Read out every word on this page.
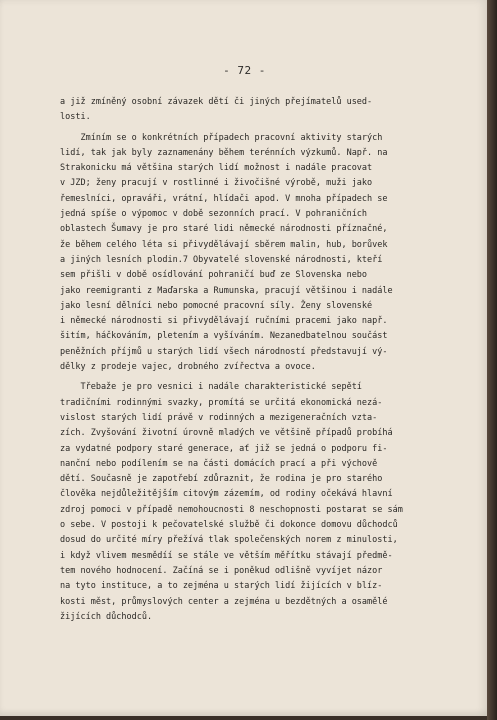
- 72 -

a již zmíněný osobní závazek dětí či jiných přejímatelů used-
losti.

Zmíním se o konkrétních případech pracovní aktivity starých
lidí, tak jak byly zaznamenány během terénních výzkumů. Např. na
Strakonicku má většina starých lidí možnost i nadále pracovat
v JZD; ženy pracují v rostlinné i živočišné výrobě, muži jako
řemeslníci, opraváři, vrátní, hlídači apod. V mnoha případech se
jedná spíše o výpomoc v době sezonních prací. V pohraničních
oblastech Šumavy je pro staré lidi německé národnosti příznačné,
že během celého léta si přivydělávají sběrem malin, hub, borůvek
a jiných lesních plodin.7 Obyvatelé slovenské národnosti, kteří
sem přišli v době osídlování pohraničí buď ze Slovenska nebo
jako reemigranti z Maďarska a Rumunska, pracují většinou i nadále
jako lesní dělníci nebo pomocné pracovní síly. Ženy slovenské
i německé národnosti si přivydělávají ručními pracemi jako např.
šitím, háčkováním, pletením a vyšíváním. Nezanedbatelnou součást
peněžních příjmů u starých lidí všech národností představují vý-
dělky z prodeje vajec, drobného zvířectva a ovoce.

Třebaže je pro vesnici i nadále charakteristické sepětí
tradičními rodinnými svazky, promítá se určitá ekonomická nezá-
vislost starých lidí právě v rodinných a mezigeneračních vzta-
zích. Zvyšování životní úrovně mladých ve většině případů probíhá
za vydatné podpory staré generace, ať již se jedná o podporu fi-
nanční nebo podílením se na části domácích prací a při výchově
dětí. Současně je zapotřebí zdůraznit, že rodina je pro starého
člověka nejdůležitějším citovým zázemím, od rodiny očekává hlavní
zdroj pomoci v případě nemohoucnosti 8 neschopnosti postarat se sám
o sebe. V postoji k pečovatelské službě či dokonce domovu důchodců
dosud do určité míry přežívá tlak společenských norem z minulosti,
i když vlivem mesmědíí se stále ve větším měřítku stávají předmě-
tem nového hodnocení. Začíná se i poněkud odlišně vyvíjet názor
na tyto instituce, a to zejména u starých lidí žijících v blíz-
kosti měst, průmyslových center a zejména u bezdětných a osamělé
žijících důchodců.
